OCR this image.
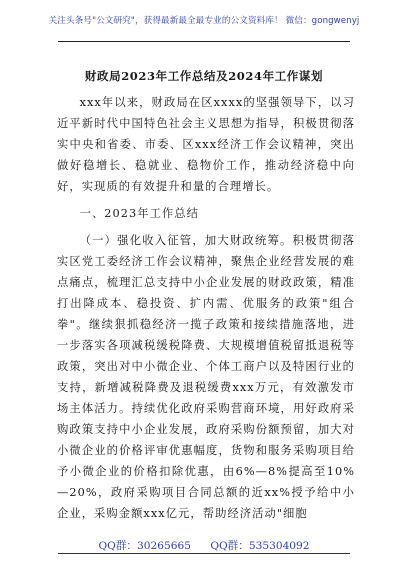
关注头条号"公文研究"，获得最新最全最专业的公文资料库！ 微信：gongwenyj
财政局2023年工作总结及2024年工作谋划

xxx年以来，财政局在区xxxx的坚强领导下，以习近平新时代中国特色社会主义思想为指导，积极贯彻落实中央和省委、市委、区xxx经济工作会议精神，突出做好稳增长、稳就业、稳物价工作，推动经济稳中向好，实现质的有效提升和量的合理增长。

一、2023年工作总结

（一）强化收入征管，加大财政统筹。积极贯彻落实区党工委经济工作会议精神，聚焦企业经营发展的难点痛点，梳理汇总支持中小企业发展的财政政策，精准打出降成本、稳投资、扩内需、优服务的政策"组合拳"。继续狠抓稳经济一揽子政策和接续措施落地，进一步落实各项减税缓税降费、大规模增值税留抵退税等政策，突出对中小微企业、个体工商户以及特困行业的支持，新增减税降费及退税缓费xxx万元，有效激发市场主体活力。持续优化政府采购营商环境，用好政府采购政策支持中小企业发展，政府采购份额预留，加大对小微企业的价格评审优惠幅度，货物和服务采购项目给予小微企业的价格扣除优惠，由6%—8%提高至10%—20%，政府采购项目合同总额的近xx%授予给中小企业，采购金额xxx亿元，帮助经济活动"细胞

QQ群：30265665 QQ群：535304092
